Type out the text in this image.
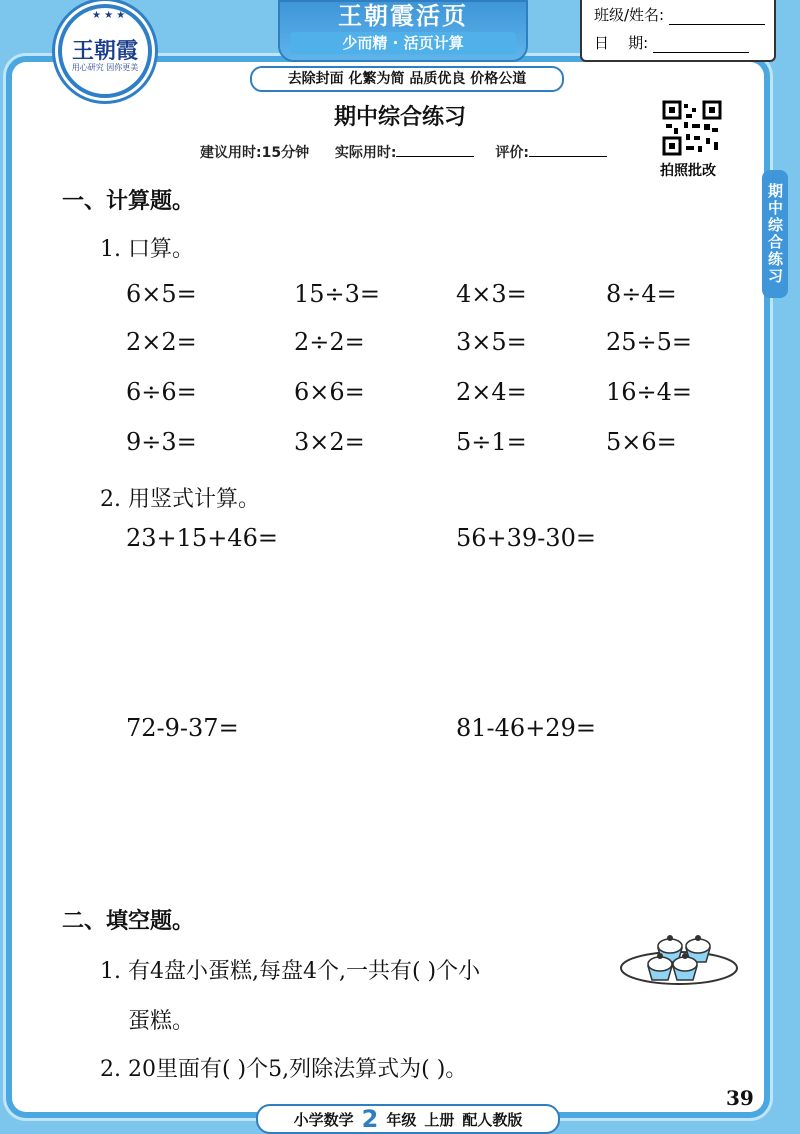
王朝霞活页
少而精 · 活页计算
★ ★ ★
王朝霞
用心研究 因你更美
班级/姓名:
日    期:
去除封面 化繁为简 品质优良 价格公道
期中综合练习
建议用时:15分钟 实际用时:	评价:
拍照批改
期中综合练习
一、计算题。
1. 口算。
6×5=	15÷3=	4×3=	8÷4=
2×2=	2÷2=	3×5=	25÷5=
6÷6=	6×6=	2×4=	16÷4=
9÷3=	3×2=	5÷1=	5×6=
2. 用竖式计算。
23+15+46=	56+39-30=
72-9-37=	81-46+29=
二、填空题。
1. 有4盘小蛋糕,每盘4个,一共有( )个小
蛋糕。
2. 20里面有( )个5,列除法算式为( )。
39
小学数学 2 年级 上册 配人教版
